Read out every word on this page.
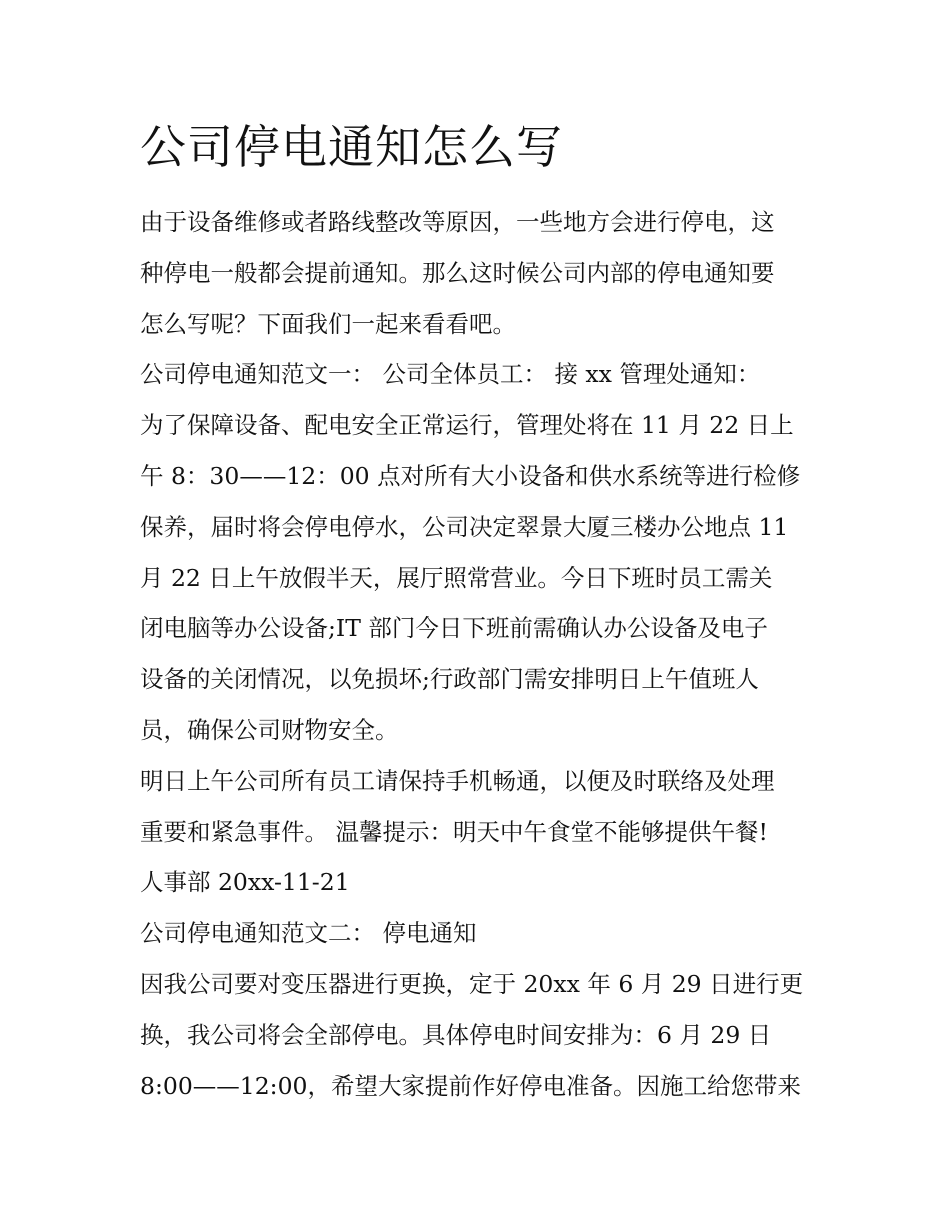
公司停电通知怎么写
由于设备维修或者路线整改等原因，一些地方会进行停电，这
种停电一般都会提前通知。那么这时候公司内部的停电通知要
怎么写呢？下面我们一起来看看吧。
公司停电通知范文一： 公司全体员工： 接 xx 管理处通知：
为了保障设备、配电安全正常运行，管理处将在 11 月 22 日上
午 8：30——12：00 点对所有大小设备和供水系统等进行检修
保养，届时将会停电停水，公司决定翠景大厦三楼办公地点 11
月 22 日上午放假半天，展厅照常营业。今日下班时员工需关
闭电脑等办公设备;IT 部门今日下班前需确认办公设备及电子
设备的关闭情况，以免损坏;行政部门需安排明日上午值班人
员，确保公司财物安全。
明日上午公司所有员工请保持手机畅通，以便及时联络及处理
重要和紧急事件。 温馨提示：明天中午食堂不能够提供午餐!
人事部 20xx-11-21
公司停电通知范文二： 停电通知
因我公司要对变压器进行更换，定于 20xx 年 6 月 29 日进行更
换，我公司将会全部停电。具体停电时间安排为：6 月 29 日
8:00——12:00，希望大家提前作好停电准备。因施工给您带来
